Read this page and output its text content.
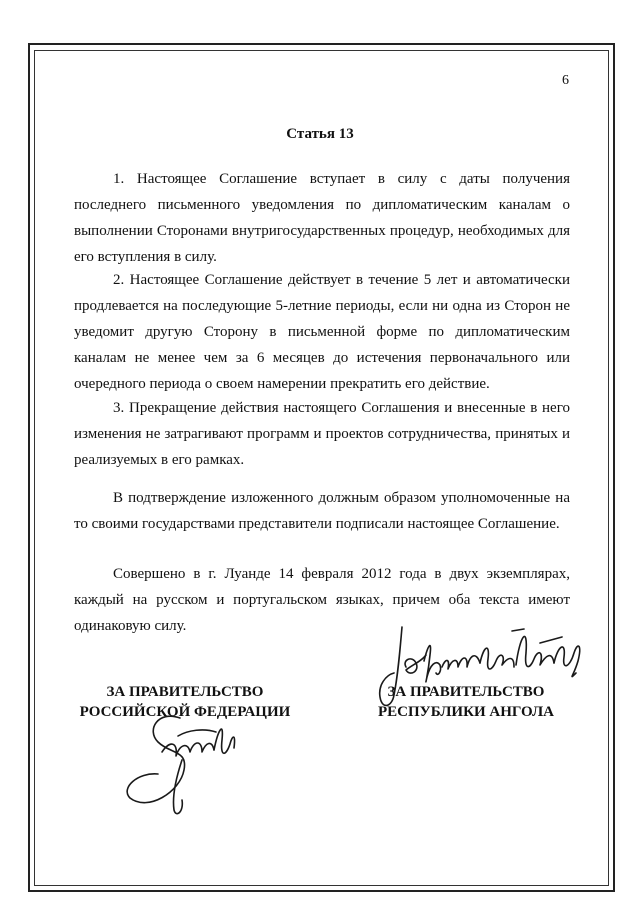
6
Статья 13
1. Настоящее Соглашение вступает в силу с даты получения последнего письменного уведомления по дипломатическим каналам о выполнении Сторонами внутригосударственных процедур, необходимых для его вступления в силу.
2. Настоящее Соглашение действует в течение 5 лет и автоматически продлевается на последующие 5-летние периоды, если ни одна из Сторон не уведомит другую Сторону в письменной форме по дипломатическим каналам не менее чем за 6 месяцев до истечения первоначального или очередного периода о своем намерении прекратить его действие.
3. Прекращение действия настоящего Соглашения и внесенные в него изменения не затрагивают программ и проектов сотрудничества, принятых и реализуемых в его рамках.
В подтверждение изложенного должным образом уполномоченные на то своими государствами представители подписали настоящее Соглашение.
Совершено в г. Луанде 14 февраля 2012 года в двух экземплярах, каждый на русском и португальском языках, причем оба текста имеют одинаковую силу.
ЗА ПРАВИТЕЛЬСТВО
РОССИЙСКОЙ ФЕДЕРАЦИИ
ЗА ПРАВИТЕЛЬСТВО
РЕСПУБЛИКИ АНГОЛА
